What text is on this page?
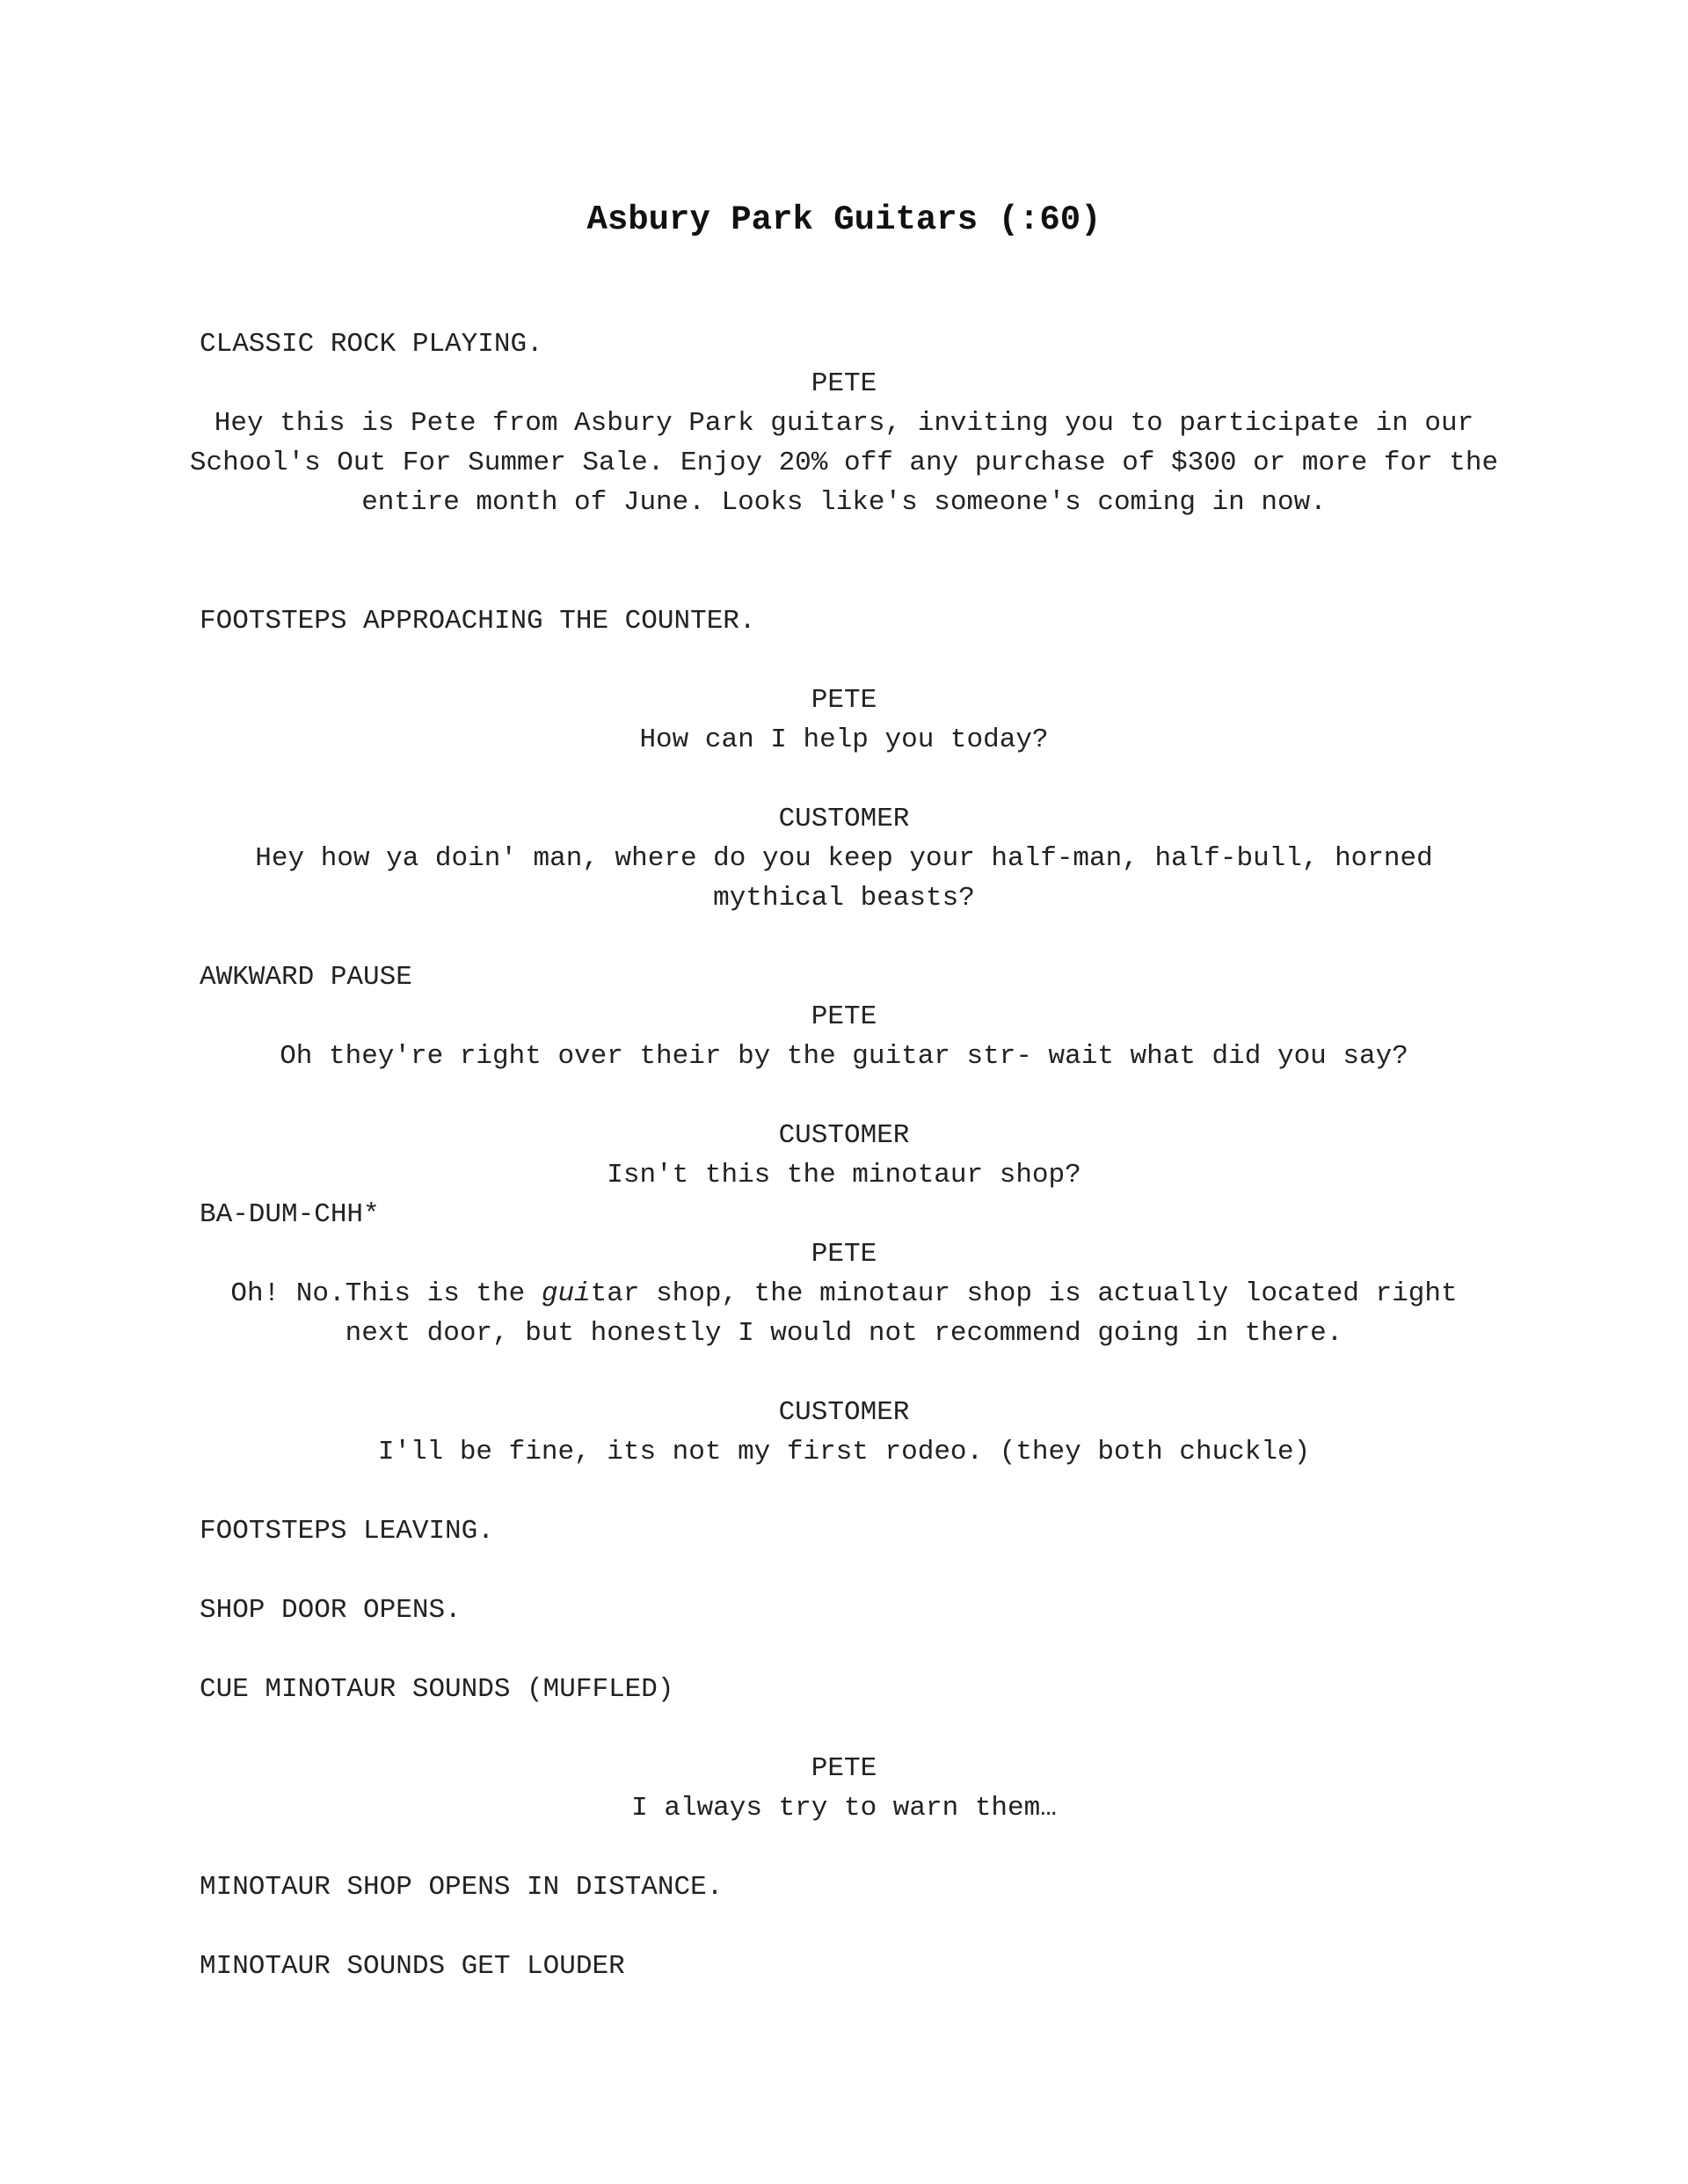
Asbury Park Guitars (:60)

CLASSIC ROCK PLAYING.

PETE

Hey this is Pete from Asbury Park guitars, inviting you to participate in our School's Out For Summer Sale. Enjoy 20% off any purchase of $300 or more for the entire month of June. Looks like's someone's coming in now.

FOOTSTEPS APPROACHING THE COUNTER.

PETE

How can I help you today?

CUSTOMER

Hey how ya doin' man, where do you keep your half-man, half-bull, horned mythical beasts?

AWKWARD PAUSE

PETE

Oh they're right over their by the guitar str- wait what did you say?

CUSTOMER

Isn't this the minotaur shop?

BA-DUM-CHH*

PETE

Oh! No.This is the guitar shop, the minotaur shop is actually located right next door, but honestly I would not recommend going in there.

CUSTOMER

I'll be fine, its not my first rodeo. (they both chuckle)

FOOTSTEPS LEAVING.

SHOP DOOR OPENS.

CUE MINOTAUR SOUNDS (MUFFLED)

PETE

I always try to warn them…

MINOTAUR SHOP OPENS IN DISTANCE.

MINOTAUR SOUNDS GET LOUDER
